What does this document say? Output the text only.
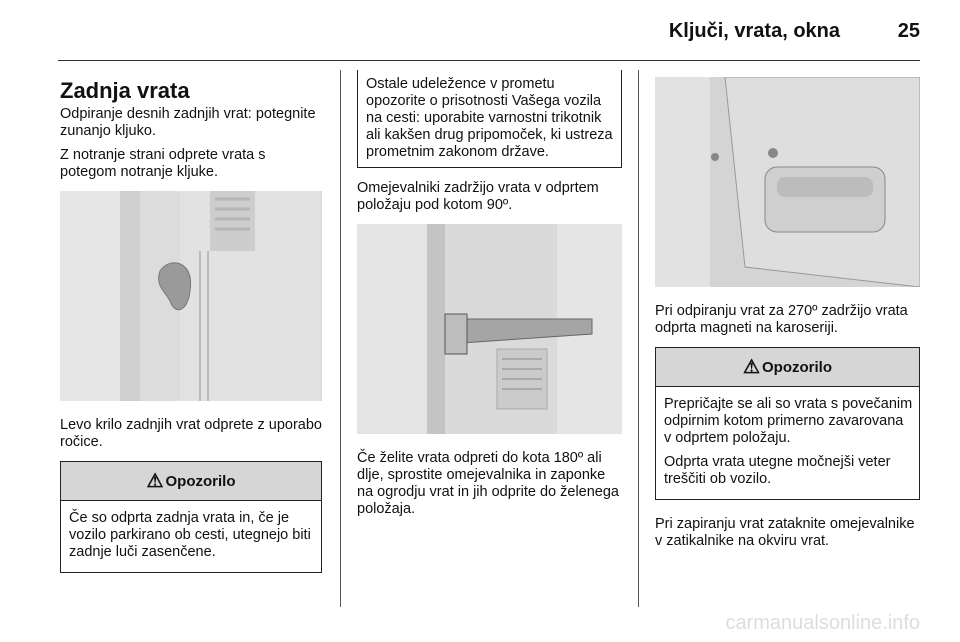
Ključi, vrata, okna	25
Zadnja vrata

Odpiranje desnih zadnjih vrat: potegnite zunanjo kljuko.

Z notranje strani odprete vrata s potegom notranje kljuke.

Levo krilo zadnjih vrat odprete z uporabo ročice.

⚠ Opozorilo

Če so odprta zadnja vrata in, če je vozilo parkirano ob cesti, utegnejo biti zadnje luči zasenčene.

Ostale udeležence v prometu opozorite o prisotnosti Vašega vozila na cesti: uporabite varnostni trikotnik ali kakšen drug pripomoček, ki ustreza prometnim zakonom države.

Omejevalniki zadržijo vrata v odprtem položaju pod kotom 90º.

Če želite vrata odpreti do kota 180º ali dlje, sprostite omejevalnika in zaponke na ogrodju vrat in jih odprite do želenega položaja.

Pri odpiranju vrat za 270º zadržijo vrata odprta magneti na karoseriji.

⚠ Opozorilo

Prepričajte se ali so vrata s povečanim odpirnim kotom primerno zavarovana v odprtem položaju.

Odprta vrata utegne močnejši veter treščiti ob vozilo.

Pri zapiranju vrat zataknite omejevalnike v zatikalnike na okviru vrat.

carmanualsonline.info
